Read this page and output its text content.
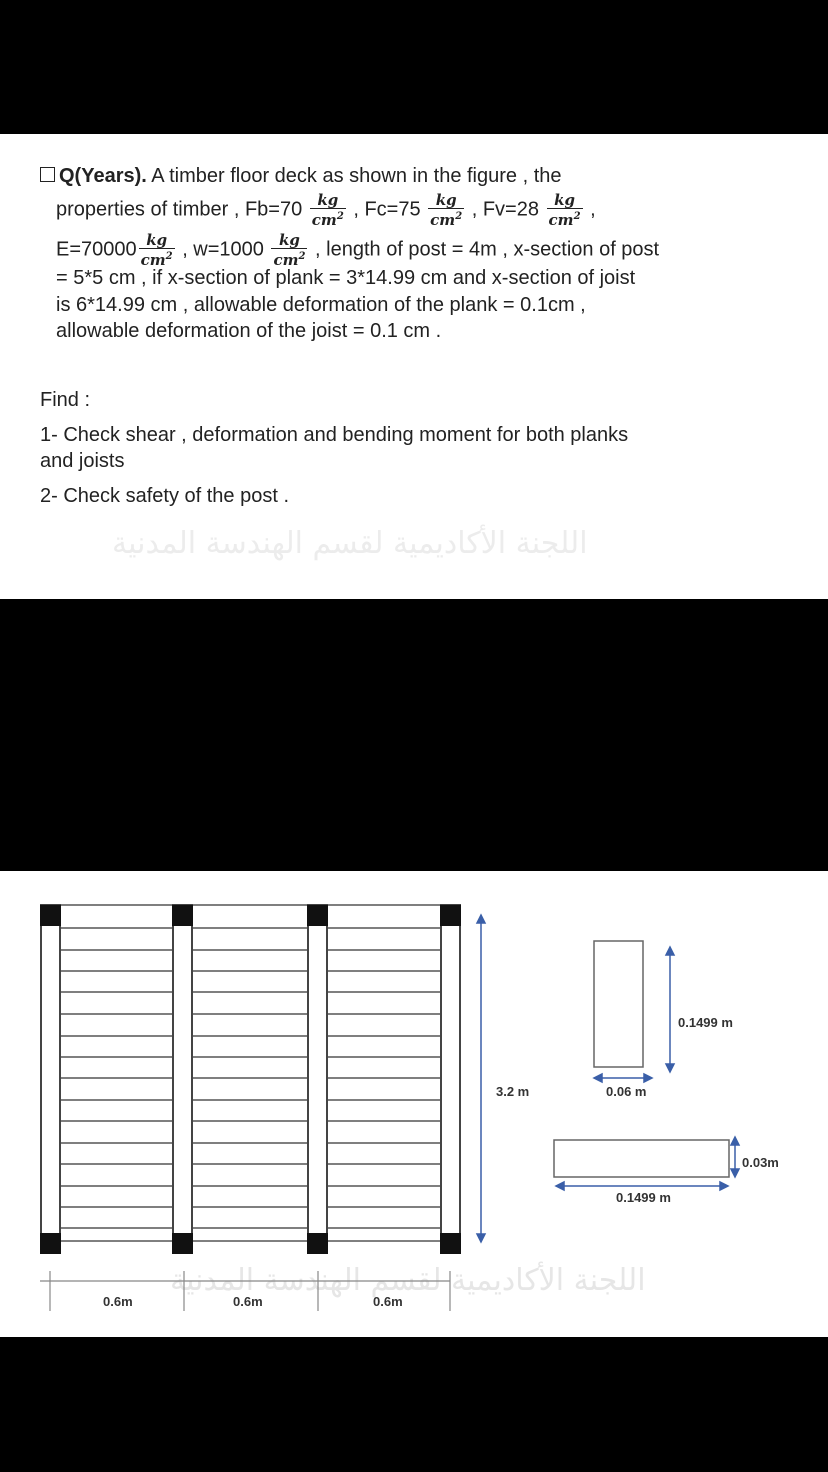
اللجنة الأكاديمية لقسم الهندسة المدنية
Q(Years). A timber floor deck as shown in the figure , the
properties of timber , $Fb=70 \frac{kg}{cm^2}$ , $Fc=75 \frac{kg}{cm^2}$ , $Fv=28 \frac{kg}{cm^2}$ ,
$E=70000 \frac{kg}{cm^2}$ , $w=1000 \frac{kg}{cm^2}$ , length of post = 4m , x-section of post
= 5*5 cm , if x-section of plank = 3*14.99 cm and x-section of joist
is 6*14.99 cm , allowable deformation of the plank = 0.1cm ,
allowable deformation of the joist = 0.1 cm .
Find :
1- Check shear , deformation and bending moment for both planks
and joists
2- Check safety of the post .
اللجنة الأكاديمية لقسم الهندسة المدنية
3.2 m
0.1499 m
0.06 m
0.03m
0.1499 m
0.6m	0.6m	0.6m
